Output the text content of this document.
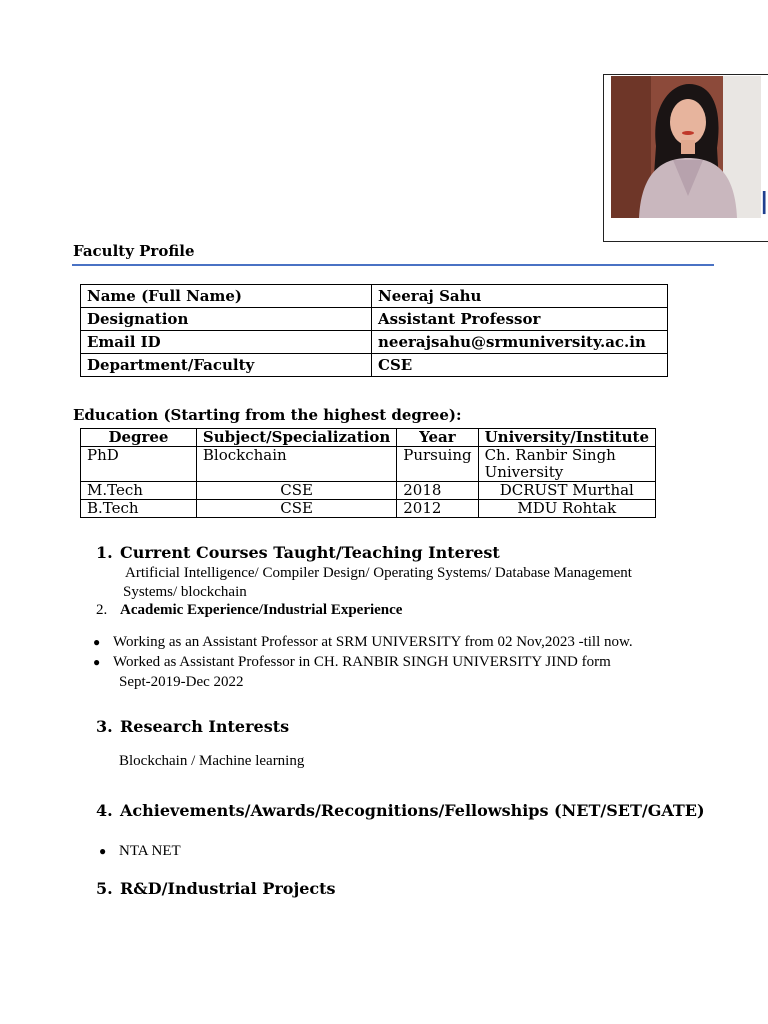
l
Faculty Profile
Name (Full Name)	Neeraj Sahu
Designation	Assistant Professor
Email ID	neerajsahu@srmuniversity.ac.in
Department/Faculty	CSE
Education (Starting from the highest degree):
Degree	Subject/Specialization	Year	University/Institute
PhD	Blockchain	Pursuing	Ch. Ranbir Singh
University
M.Tech	CSE	2018	DCRUST Murthal
B.Tech	CSE	2012	MDU Rohtak
1. Current Courses Taught/Teaching Interest
Artificial Intelligence/ Compiler Design/ Operating Systems/ Database Management
Systems/ blockchain
2. Academic Experience/Industrial Experience
● Working as an Assistant Professor at SRM UNIVERSITY from 02 Nov,2023 -till now.
● Worked as Assistant Professor in CH. RANBIR SINGH UNIVERSITY JIND form
Sept-2019-Dec 2022
3. Research Interests
Blockchain / Machine learning
4. Achievements/Awards/Recognitions/Fellowships (NET/SET/GATE)
● NTA NET
5. R&D/Industrial Projects
